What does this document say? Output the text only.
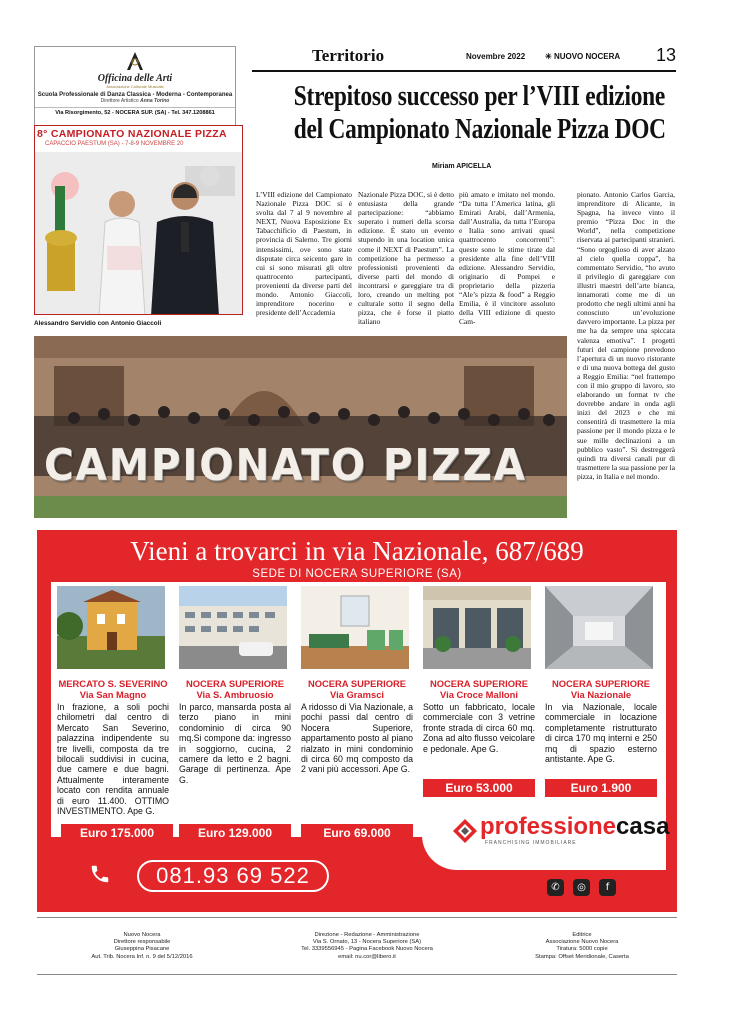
Officina delle Arti
Associazione Culturale Musicale
Scuola Professionale di Danza Classica - Moderna - Contemporanea
Direttore Artistico Anna Torino
Via Risorgimento, 52 - NOCERA SUP. (SA) - Tel. 347.1208861
Territorio	Novembre 2022 ✳ NUOVO NOCERA 13
Strepitoso successo per l’VIII edizione
del Campionato Nazionale Pizza DOC
Miriam APICELLA
8° CAMPIONATO NAZIONALE PIZZA
CAPACCIO PAESTUM (SA) - 7-8-9 NOVEMBRE 20
Alessandro Servidio con Antonio Giaccoli
L’VIII edizione del Campionato Nazionale Pizza DOC si è svolta dal 7 al 9 novembre al NEXT, Nuova Esposizione Ex Tabacchificio di Paestum, in provincia di Salerno. Tre giorni intensissimi, ove sono state disputate circa seicento gare in cui si sono misurati gli oltre quattrocento partecipanti, provenienti da diverse parti del mondo. Antonio Giaccoli, imprenditore nocerino e presidente dell’Accademia
Nazionale Pizza DOC, si è detto entusiasta della grande partecipazione: “abbiamo superato i numeri della scorsa edizione. È stato un evento stupendo in una location unica come il NEXT di Paestum”. La competizione ha permesso a professionisti provenienti da diverse parti del mondo di incontrarsi e gareggiare tra di loro, creando un melting pot culturale sotto il segno della pizza, che è forse il piatto italiano
più amato e imitato nel mondo. “Da tutta l’America latina, gli Emirati Arabi, dall’Armenia, dall’Australia, da tutta l’Europa e Italia sono arrivati quasi quattrocento concorrenti”: queste sono le stime tirate dal presidente alla fine dell’VIII edizione. Alessandro Servidio, originario di Pompei e proprietario della pizzeria “Ale’s pizza & food” a Reggio Emilia, è il vincitore assoluto della VIII edizione di questo Cam-
pionato. Antonio Carlos Garcia, imprenditore di Alicante, in Spagna, ha invece vinto il premio “Pizza Doc in the World”, nella competizione riservata ai partecipanti stranieri. “Sono orgoglioso di aver alzato al cielo quella coppa”, ha commentato Servidio, “ho avuto il privilegio di gareggiare con illustri maestri dell’arte bianca, innamorati come me di un prodotto che negli ultimi anni ha conosciuto un’evoluzione davvero importante. La pizza per me ha da sempre una spiccata valenza emotiva”. I progetti futuri del campione prevedono l’apertura di un nuovo ristorante e di una nuova bottega del gusto a Reggio Emilia: “nel frattempo con il mio gruppo di lavoro, sto elaborando un format tv che dovrebbe andare in onda agli inizi del 2023 e che mi consentirà di trasmettere la mia passione per il mondo pizza e le sue mille declinazioni a un pubblico vasto”. Si destreggerà quindi tra diversi canali pur di trasmettere la sua passione per la pizza, in Italia e nel mondo.
CAMPIONATO PIZZA
Vieni a trovarci in via Nazionale, 687/689
SEDE DI NOCERA SUPERIORE (SA)
MERCATO S. SEVERINO
Via San Magno
In frazione, a soli pochi chilometri dal centro di Mercato San Severino, palazzina indipendente su tre livelli, composta da tre bilocali suddivisi in cucina, due camere e due bagni. Attualmente interamente locato con rendita annuale di euro 11.400. OTTIMO INVESTIMENTO. Ape G.
NOCERA SUPERIORE
Via S. Ambruosio
In parco, mansarda posta al terzo piano in mini condominio di circa 90 mq.Si compone da: ingresso in soggiorno, cucina, 2 camere da letto e 2 bagni. Garage di pertinenza. Ape G.
NOCERA SUPERIORE
Via Gramsci
A ridosso di Via Nazionale, a pochi passi dal centro di Nocera Superiore, appartamento posto al piano rialzato in mini condominio di circa 60 mq composto da 2 vani più accessori. Ape G.
NOCERA SUPERIORE
Via Croce Malloni
Sotto un fabbricato, locale commerciale con 3 vetrine fronte strada di circa 60 mq. Zona ad alto flusso veicolare e pedonale. Ape G.
NOCERA SUPERIORE
Via Nazionale
In via Nazionale, locale commerciale in locazione completamente ristrutturato di circa 170 mq interni e 250 mq di spazio esterno antistante. Ape G.
Euro 175.000	Euro 129.000	Euro 69.000
Euro 53.000	Euro 1.900
professionecasa
FRANCHISING IMMOBILIARE
081.93 69 522	✆	◎	f
Nuovo Nocera
Direttore responsabile
Giuseppina Pisacane
Aut. Trib. Nocera Inf. n. 9 del 5/12/2016
Direzione - Redazione - Amministrazione
Via S. Ornato, 13 - Nocera Superiore (SA)
Tel. 3339556945 - Pagina Facebook Nuovo Nocera
email: nu.cor@libero.it
Editrice
Associazione Nuovo Nocera
Tiratura: 5000 copie
Stampa: Offset Meridionale, Caserta
